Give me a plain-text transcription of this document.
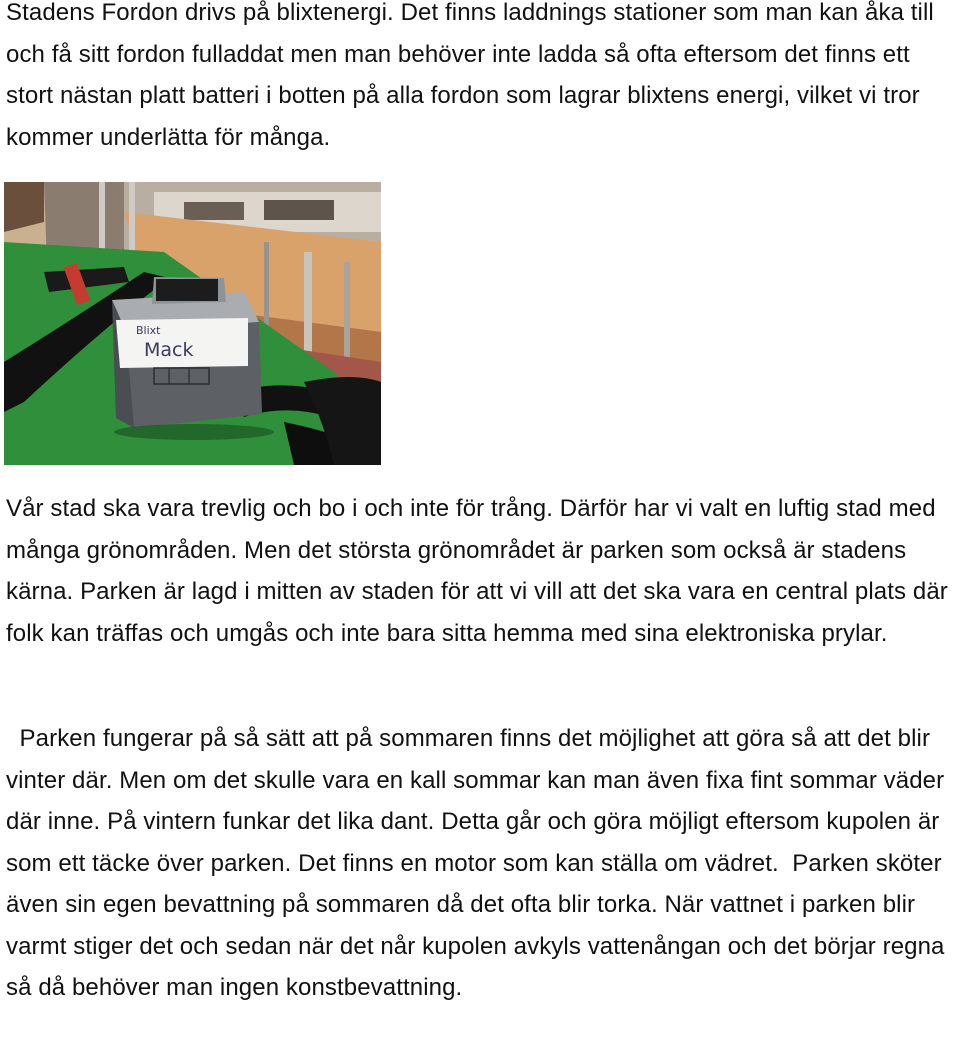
Stadens Fordon drivs på blixtenergi. Det finns laddnings stationer som man kan åka till och få sitt fordon fulladdat men man behöver inte ladda så ofta eftersom det finns ett stort nästan platt batteri i botten på alla fordon som lagrar blixtens energi, vilket vi tror kommer underlätta för många.

Blixt
Mack

Vår stad ska vara trevlig och bo i och inte för trång. Därför har vi valt en luftig stad med många grönområden. Men det största grönområdet är parken som också är stadens kärna. Parken är lagd i mitten av staden för att vi vill att det ska vara en central plats där folk kan träffas och umgås och inte bara sitta hemma med sina elektroniska prylar.

Parken fungerar på så sätt att på sommaren finns det möjlighet att göra så att det blir vinter där. Men om det skulle vara en kall sommar kan man även fixa fint sommar väder där inne. På vintern funkar det lika dant. Detta går och göra möjligt eftersom kupolen är som ett täcke över parken. Det finns en motor som kan ställa om vädret.  Parken sköter även sin egen bevattning på sommaren då det ofta blir torka. När vattnet i parken blir varmt stiger det och sedan när det når kupolen avkyls vattenångan och det börjar regna så då behöver man ingen konstbevattning.
